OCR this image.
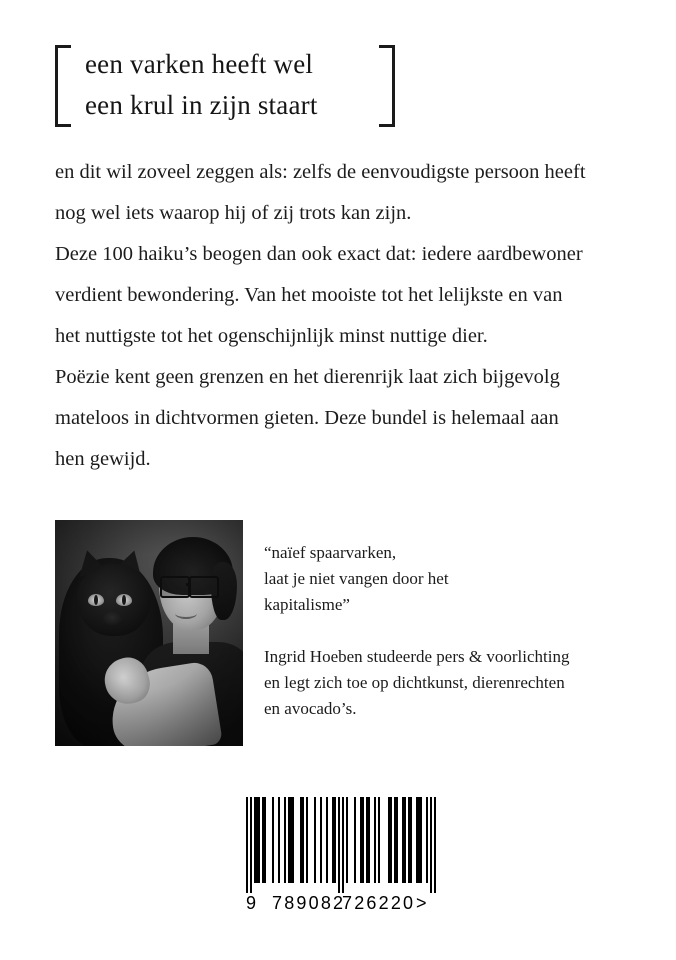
een varken heeft wel
een krul in zijn staart
en dit wil zoveel zeggen als: zelfs de eenvoudigste persoon heeft
nog wel iets waarop hij of zij trots kan zijn.
Deze 100 haiku’s beogen dan ook exact dat: iedere aardbewoner
verdient bewondering. Van het mooiste tot het lelijkste en van
het nuttigste tot het ogenschijnlijk minst nuttige dier.
Poëzie kent geen grenzen en het dierenrijk laat zich bijgevolg
mateloos in dichtvormen gieten. Deze bundel is helemaal aan
hen gewijd.
“naïef spaarvarken,
laat je niet vangen door het
kapitalisme”
Ingrid Hoeben studeerde pers & voorlichting
en legt zich toe op dichtkunst, dierenrechten
en avocado’s.
9 789082
726220 >
